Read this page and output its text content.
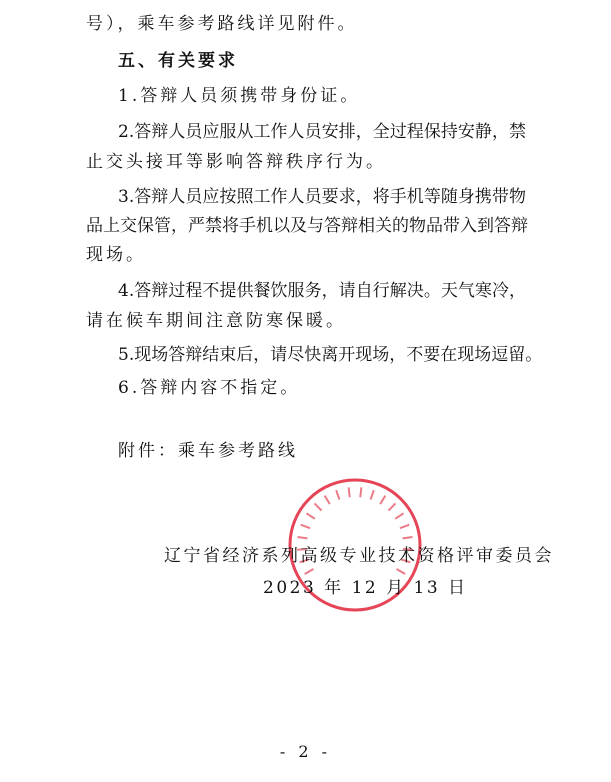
号），乘车参考路线详见附件。
五、有关要求
1.答辩人员须携带身份证。
2.答辩人员应服从工作人员安排，全过程保持安静，禁
止交头接耳等影响答辩秩序行为。
3.答辩人员应按照工作人员要求，将手机等随身携带物
品上交保管，严禁将手机以及与答辩相关的物品带入到答辩
现场。
4.答辩过程不提供餐饮服务，请自行解决。天气寒冷，
请在候车期间注意防寒保暖。
5.现场答辩结束后，请尽快离开现场，不要在现场逗留。
6.答辩内容不指定。
附件：乘车参考路线
辽宁省经济系列高级专业技术资格评审委员会
2023 年 12 月 13 日
- 2 -
